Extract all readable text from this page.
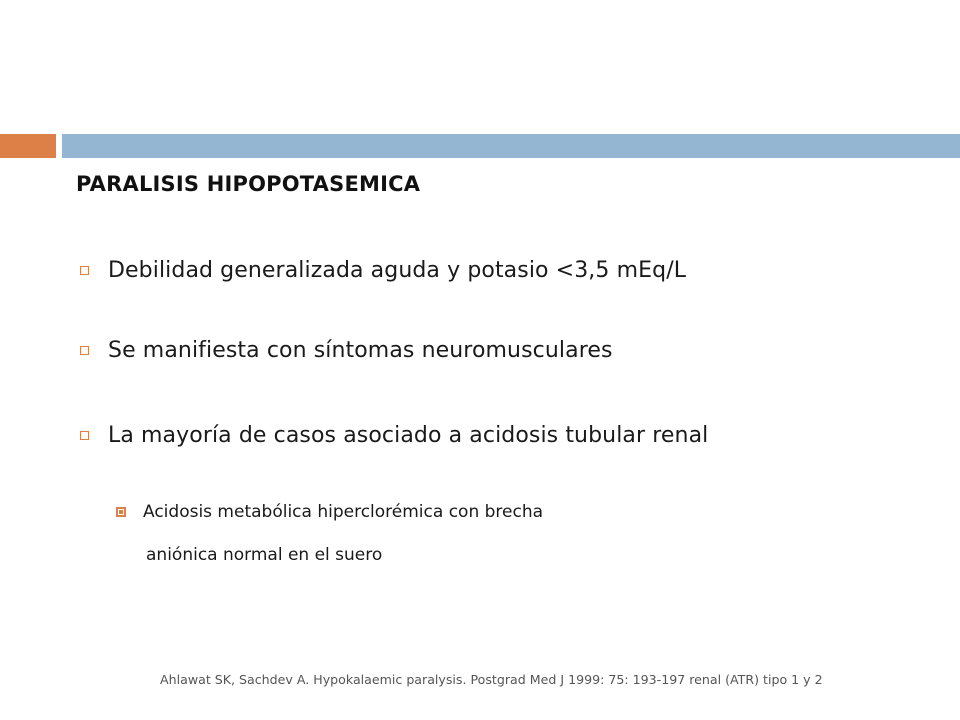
PARALISIS HIPOPOTASEMICA
Debilidad generalizada aguda y potasio <3,5 mEq/L
Se manifiesta con síntomas neuromusculares
La mayoría de casos asociado a acidosis tubular renal
Acidosis metabólica hiperclorémica con brecha
aniónica normal en el suero
Ahlawat SK, Sachdev A. Hypokalaemic paralysis. Postgrad Med J 1999: 75: 193-197 renal (ATR) tipo 1 y 2
